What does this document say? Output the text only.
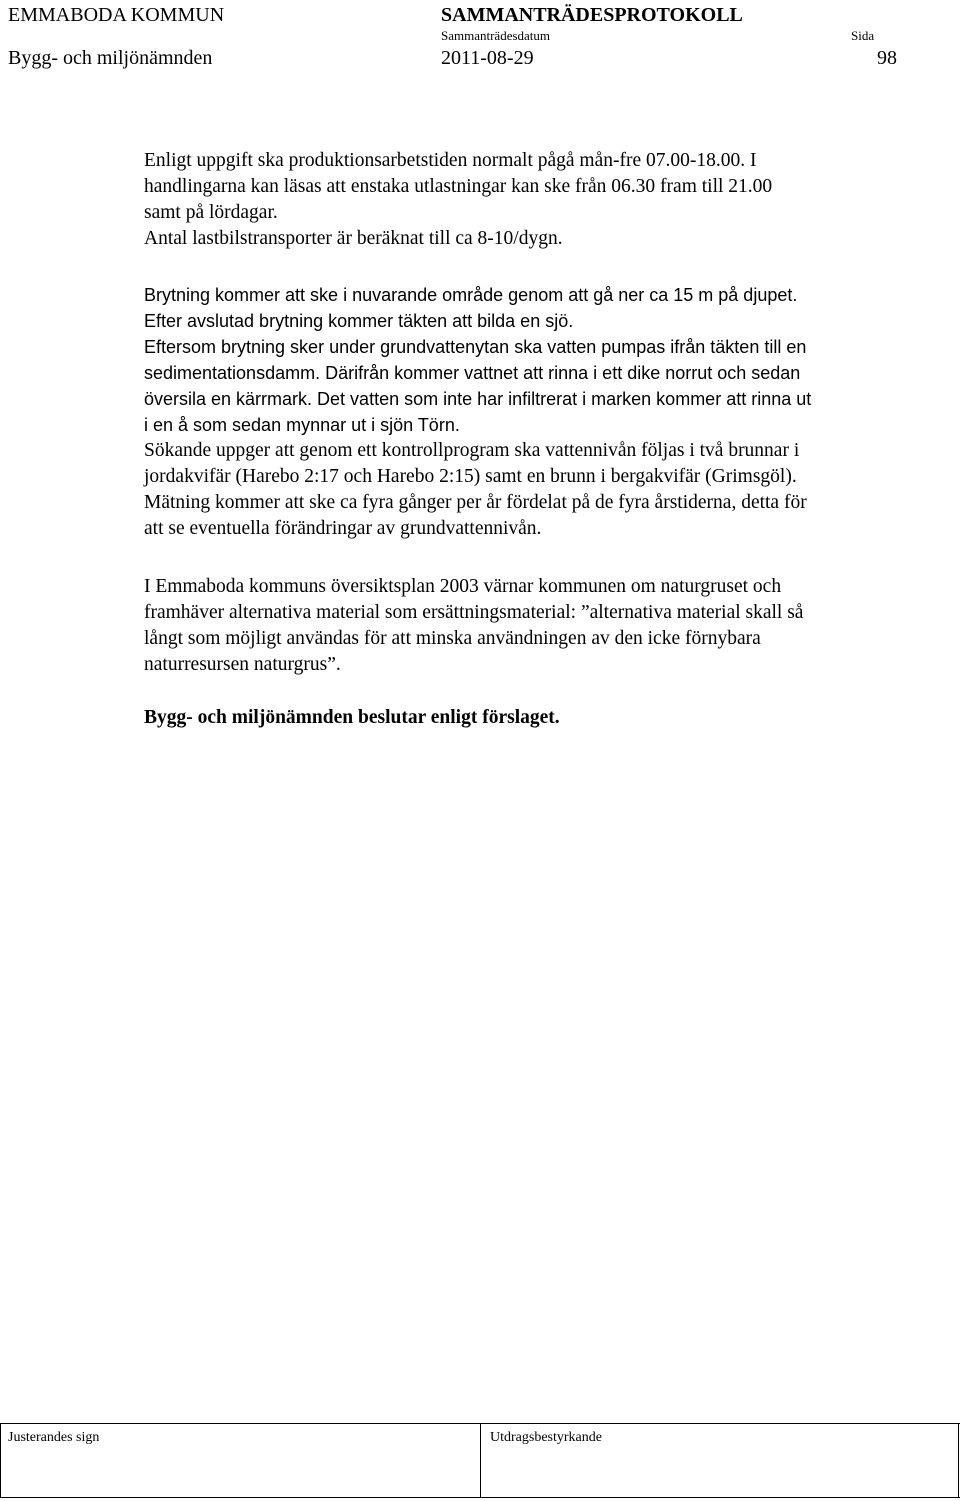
EMMABODA KOMMUN	SAMMANTRÄDESPROTOKOLL
Sammanträdesdatum	Sida
Bygg- och miljönämnden	2011-08-29	98
Enligt uppgift ska produktionsarbetstiden normalt pågå mån-fre 07.00-18.00. I
handlingarna kan läsas att enstaka utlastningar kan ske från 06.30 fram till 21.00
samt på lördagar.
Antal lastbilstransporter är beräknat till ca 8-10/dygn.
Brytning kommer att ske i nuvarande område genom att gå ner ca 15 m på djupet.
Efter avslutad brytning kommer täkten att bilda en sjö.
Eftersom brytning sker under grundvattenytan ska vatten pumpas ifrån täkten till en
sedimentationsdamm. Därifrån kommer vattnet att rinna i ett dike norrut och sedan
översila en kärrmark. Det vatten som inte har infiltrerat i marken kommer att rinna ut
i en å som sedan mynnar ut i sjön Törn.
Sökande uppger att genom ett kontrollprogram ska vattennivån följas i två brunnar i
jordakvifär (Harebo 2:17 och Harebo 2:15) samt en brunn i bergakvifär (Grimsgöl).
Mätning kommer att ske ca fyra gånger per år fördelat på de fyra årstiderna, detta för
att se eventuella förändringar av grundvattennivån.
I Emmaboda kommuns översiktsplan 2003 värnar kommunen om naturgruset och
framhäver alternativa material som ersättningsmaterial: ”alternativa material skall så
långt som möjligt användas för att minska användningen av den icke förnybara
naturresursen naturgrus”.
Bygg- och miljönämnden beslutar enligt förslaget.
Justerandes sign	Utdragsbestyrkande
